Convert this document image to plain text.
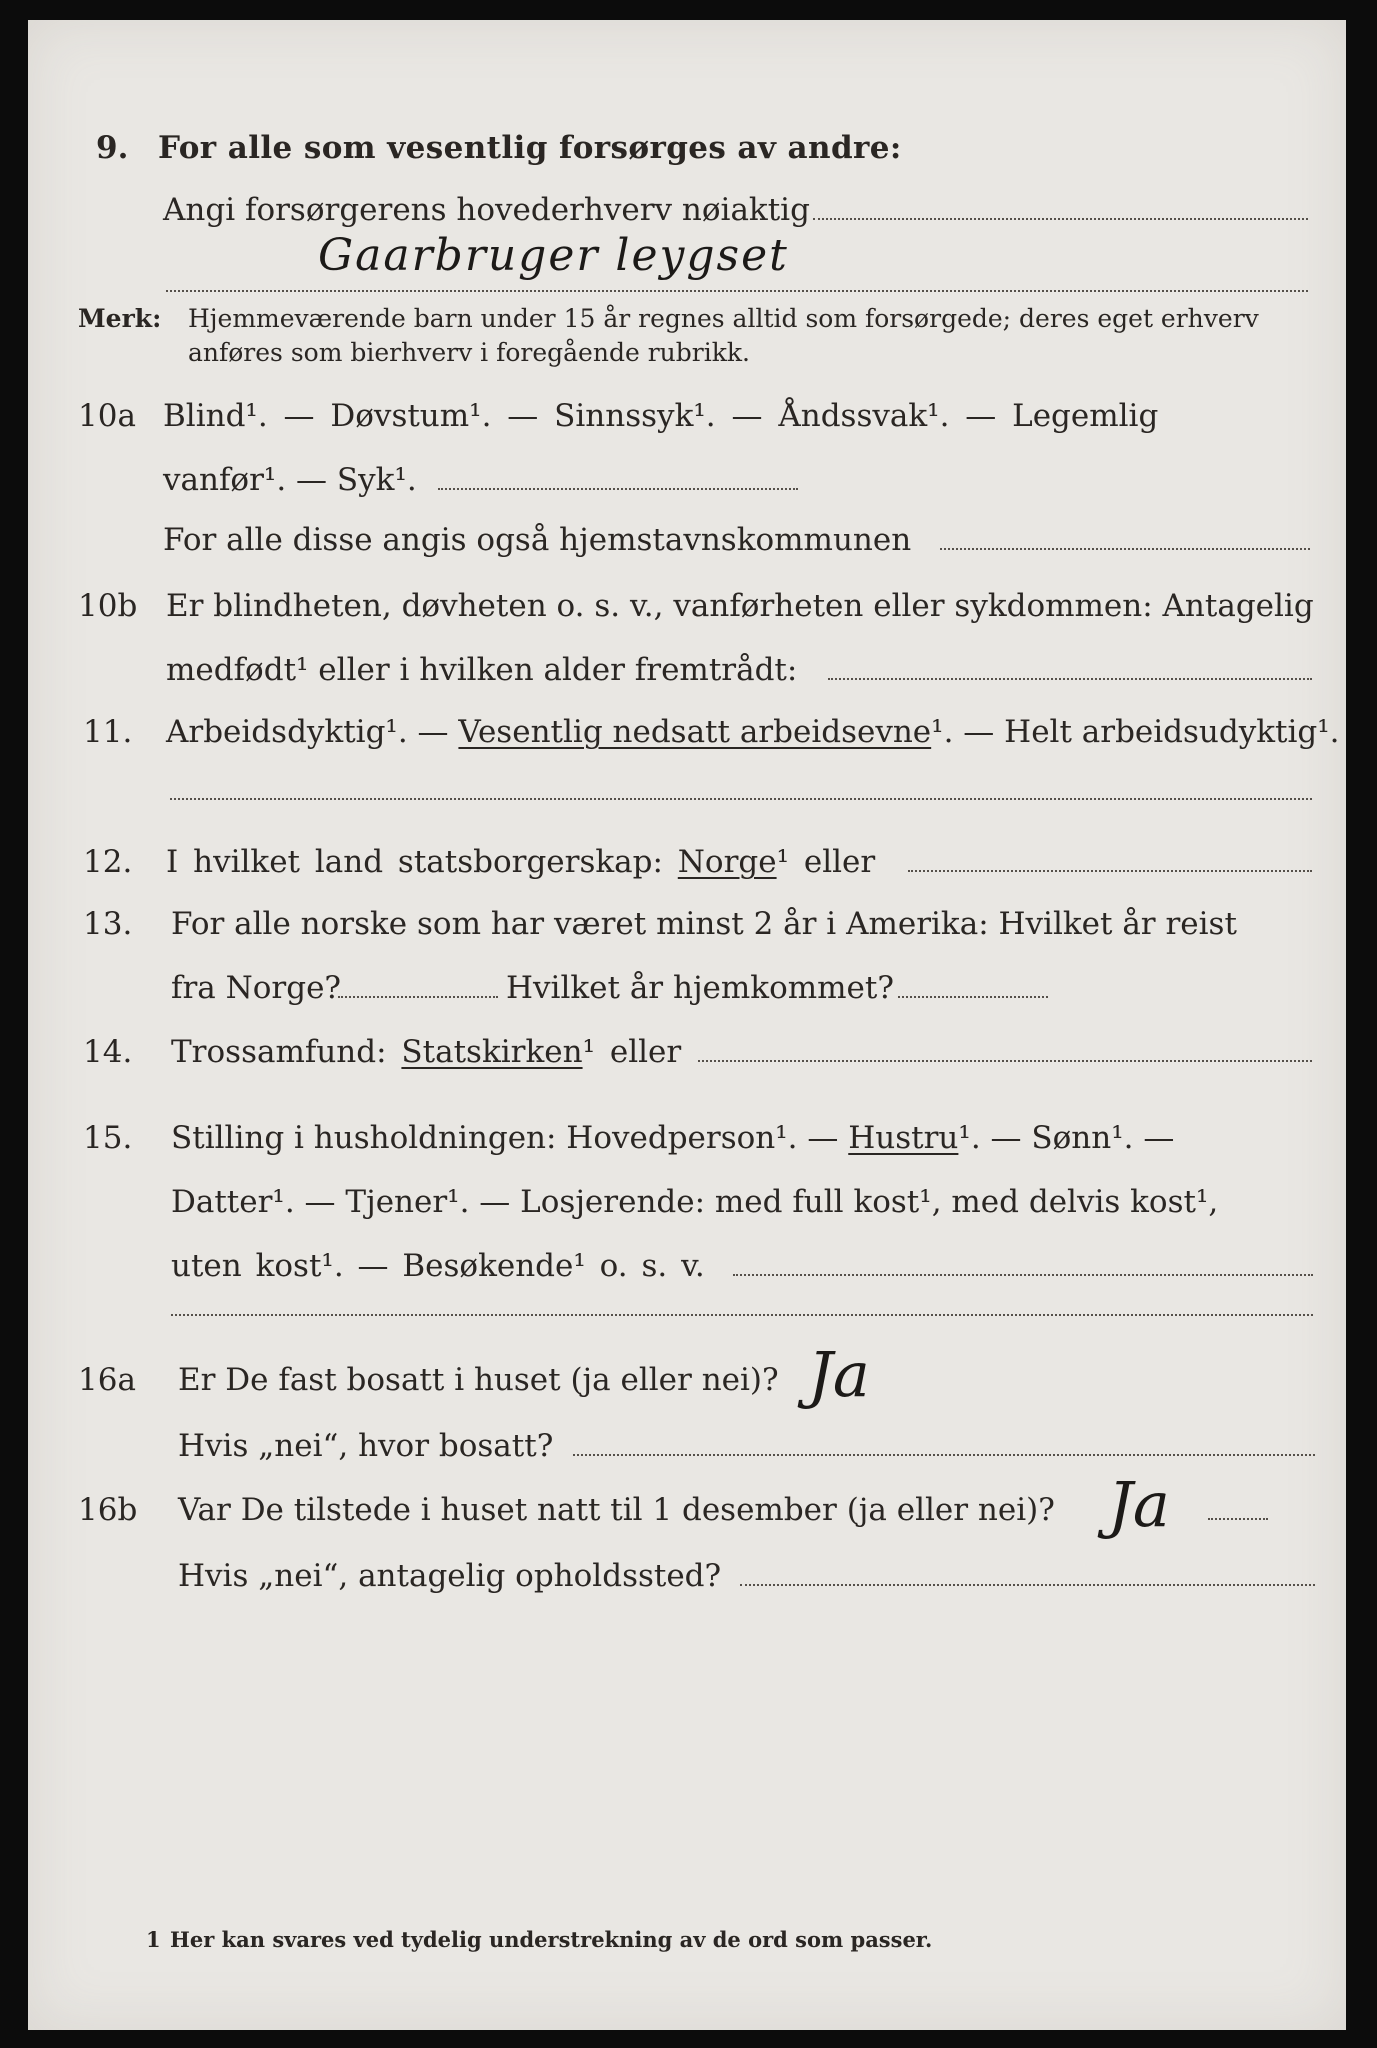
9. For alle som vesentlig forsørges av andre:
Angi forsørgerens hovederhverv nøiaktig
Gaarbruger leygset
Merk: Hjemmeværende barn under 15 år regnes alltid som forsørgede; deres eget erhverv
anføres som bierhverv i foregående rubrikk.
10a Blind¹. — Døvstum¹. — Sinnssyk¹. — Åndssvak¹. — Legemlig
vanfør¹. — Syk¹.
For alle disse angis også hjemstavnskommunen
10b Er blindheten, døvheten o. s. v., vanførheten eller sykdommen: Antagelig
medfødt¹ eller i hvilken alder fremtrådt:
11. Arbeidsdyktig¹. — Vesentlig nedsatt arbeidsevne¹. — Helt arbeidsudyktig¹.
12. I hvilket land statsborgerskap: Norge¹ eller
13. For alle norske som har været minst 2 år i Amerika: Hvilket år reist
fra Norge?	Hvilket år hjemkommet?
14. Trossamfund: Statskirken¹ eller
15. Stilling i husholdningen: Hovedperson¹. — Hustru¹. — Sønn¹. —
Datter¹. — Tjener¹. — Losjerende: med full kost¹, med delvis kost¹,
uten kost¹. — Besøkende¹ o. s. v.
16a Er De fast bosatt i huset (ja eller nei)? Ja
Hvis „nei“, hvor bosatt?
16b Var De tilstede i huset natt til 1 desember (ja eller nei)? Ja
Hvis „nei“, antagelig opholdssted?
1 Her kan svares ved tydelig understrekning av de ord som passer.
